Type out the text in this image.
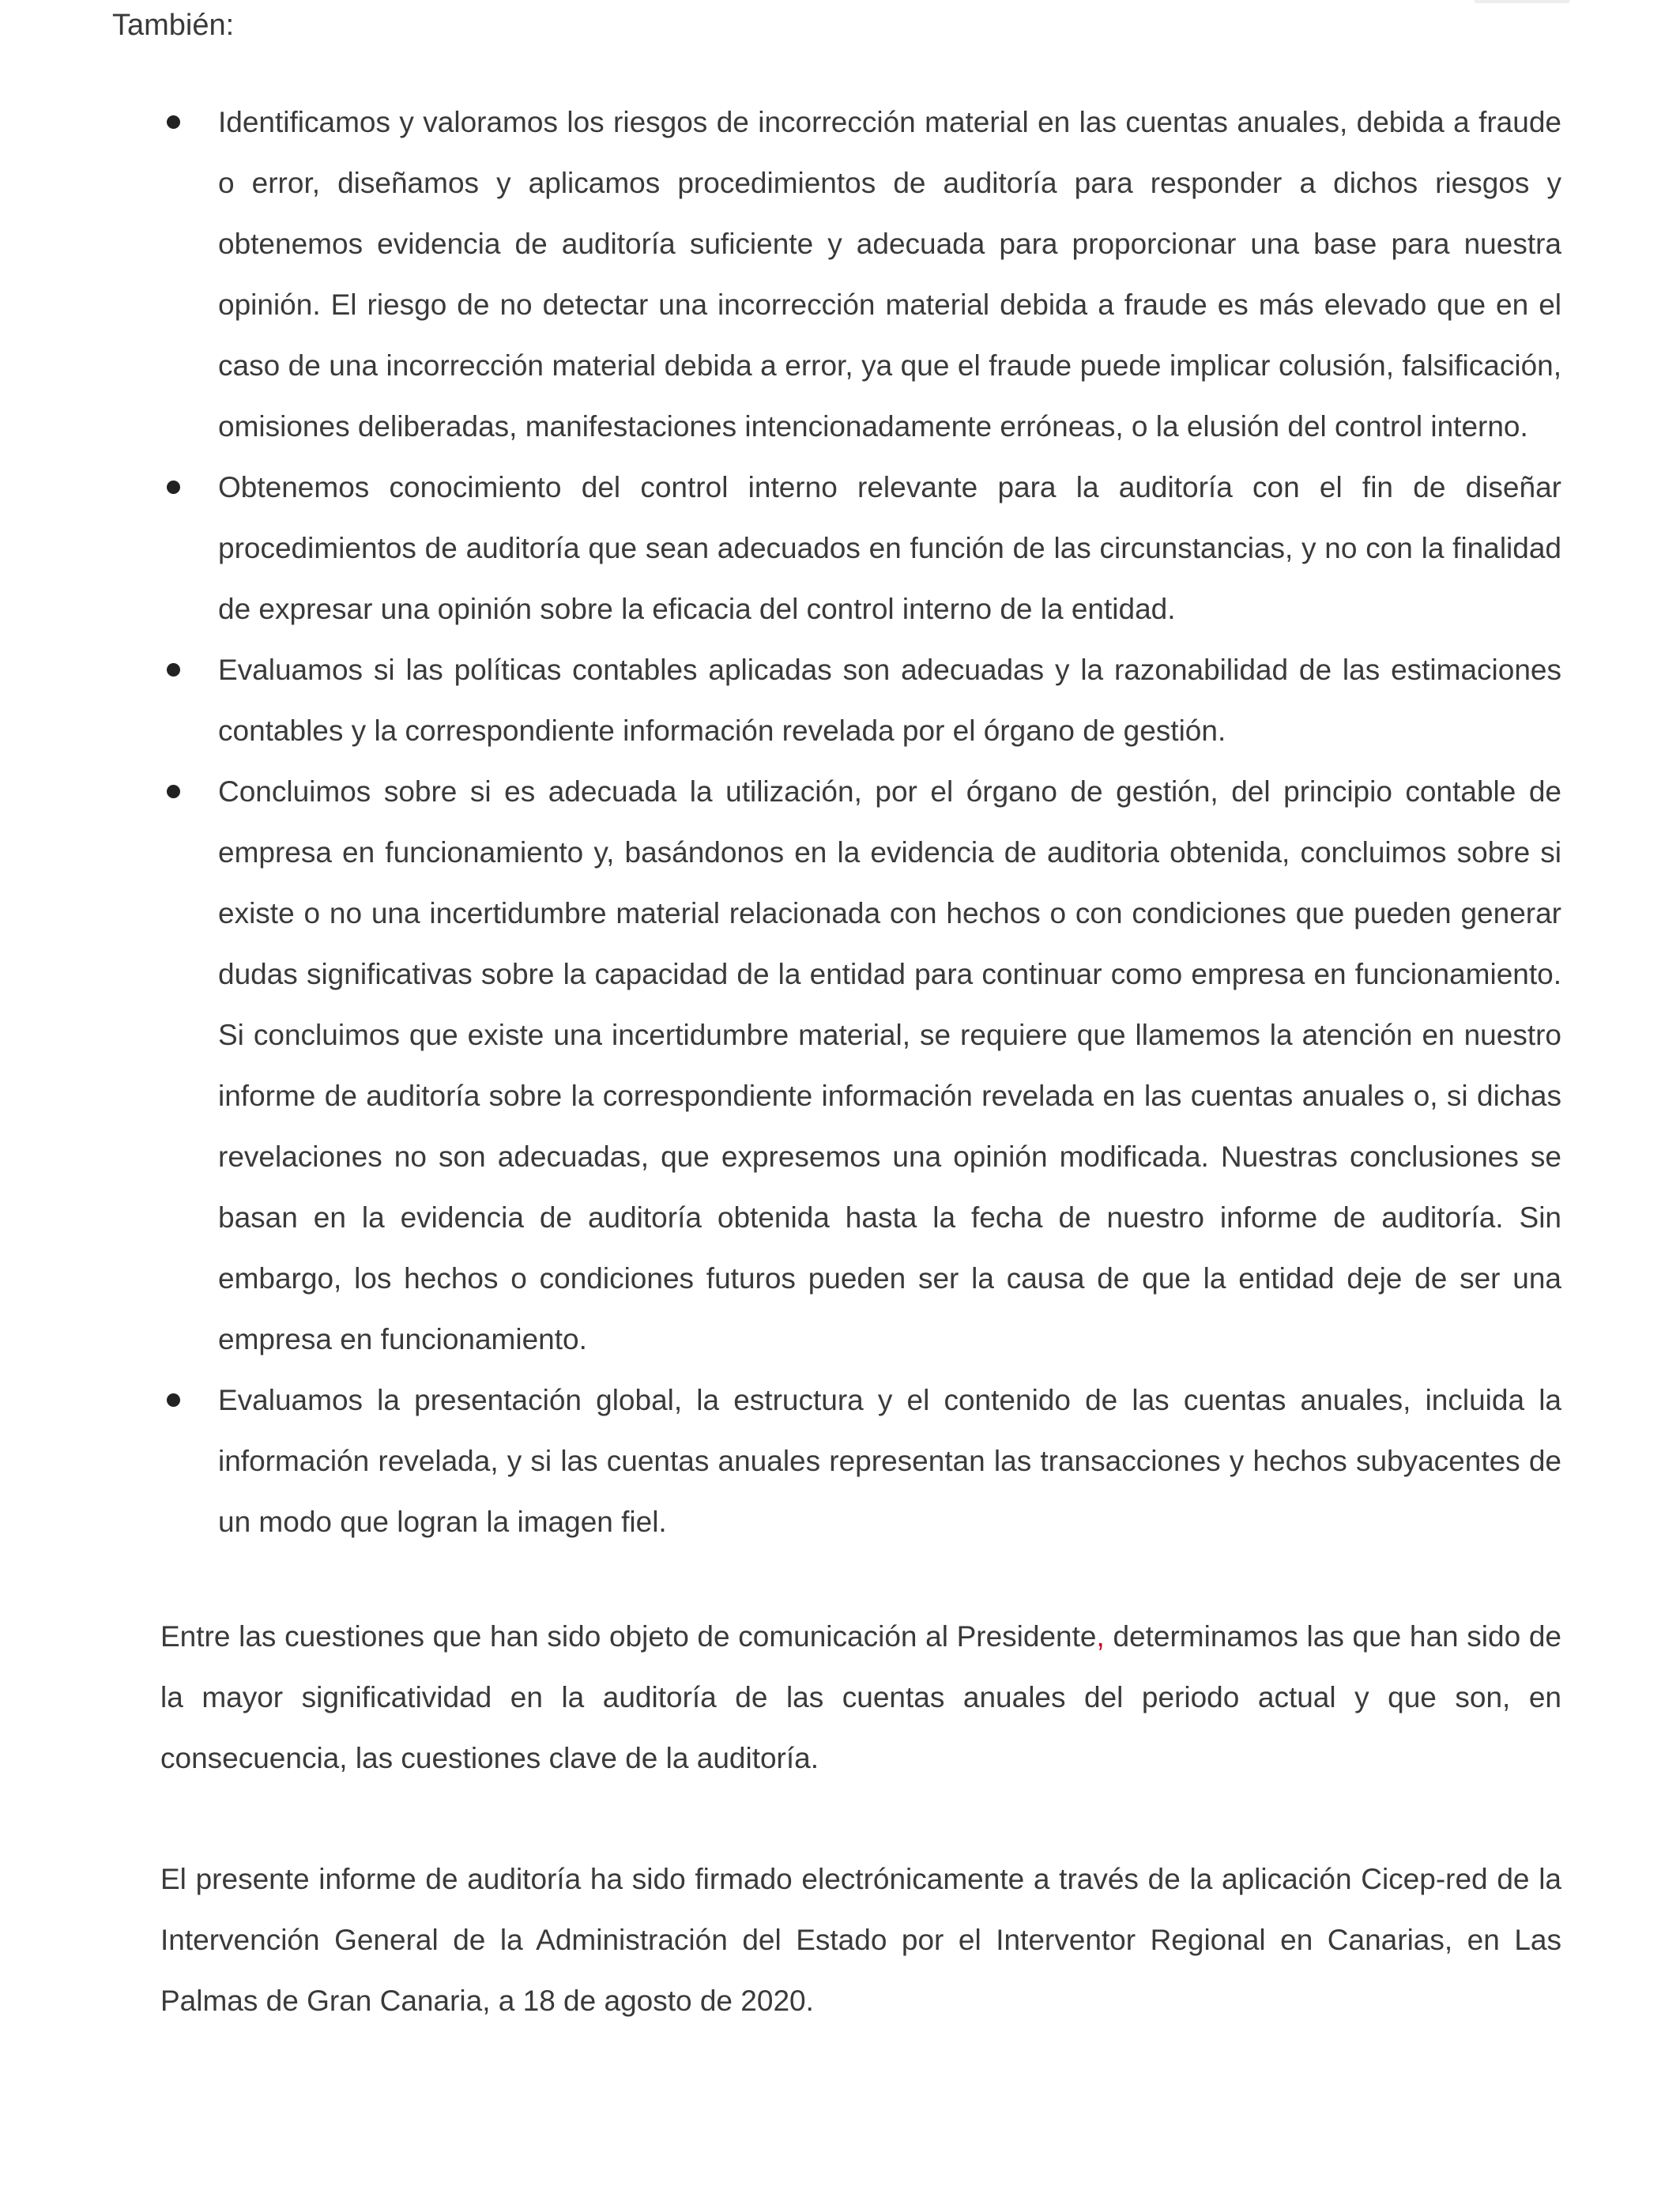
También:

Identificamos y valoramos los riesgos de incorrección material en las cuentas anuales, debida a fraude o error, diseñamos y aplicamos procedimientos de auditoría para responder a dichos riesgos y obtenemos evidencia de auditoría suficiente y adecuada para proporcionar una base para nuestra opinión. El riesgo de no detectar una incorrección material debida a fraude es más elevado que en el caso de una incorrección material debida a error, ya que el fraude puede implicar colusión, falsificación, omisiones deliberadas, manifestaciones intencionadamente erróneas, o la elusión del control interno.
Obtenemos conocimiento del control interno relevante para la auditoría con el fin de diseñar procedimientos de auditoría que sean adecuados en función de las circunstancias, y no con la finalidad de expresar una opinión sobre la eficacia del control interno de la entidad.
Evaluamos si las políticas contables aplicadas son adecuadas y la razonabilidad de las estimaciones contables y la correspondiente información revelada por el órgano de gestión.
Concluimos sobre si es adecuada la utilización, por el órgano de gestión, del principio contable de empresa en funcionamiento y, basándonos en la evidencia de auditoria obtenida, concluimos sobre si existe o no una incertidumbre material relacionada con hechos o con condiciones que pueden generar dudas significativas sobre la capacidad de la entidad para continuar como empresa en funcionamiento. Si concluimos que existe una incertidumbre material, se requiere que llamemos la atención en nuestro informe de auditoría sobre la correspondiente información revelada en las cuentas anuales o, si dichas revelaciones no son adecuadas, que expresemos una opinión modificada. Nuestras conclusiones se basan en la evidencia de auditoría obtenida hasta la fecha de nuestro informe de auditoría. Sin embargo, los hechos o condiciones futuros pueden ser la causa de que la entidad deje de ser una empresa en funcionamiento.
Evaluamos la presentación global, la estructura y el contenido de las cuentas anuales, incluida la información revelada, y si las cuentas anuales representan las transacciones y hechos subyacentes de un modo que logran la imagen fiel.

Entre las cuestiones que han sido objeto de comunicación al Presidente, determinamos las que han sido de la mayor significatividad en la auditoría de las cuentas anuales del periodo actual y que son, en consecuencia, las cuestiones clave de la auditoría.

El presente informe de auditoría ha sido firmado electrónicamente a través de la aplicación Cicep-red de la Intervención General de la Administración del Estado por el Interventor Regional en Canarias, en Las Palmas de Gran Canaria, a 18 de agosto de 2020.
